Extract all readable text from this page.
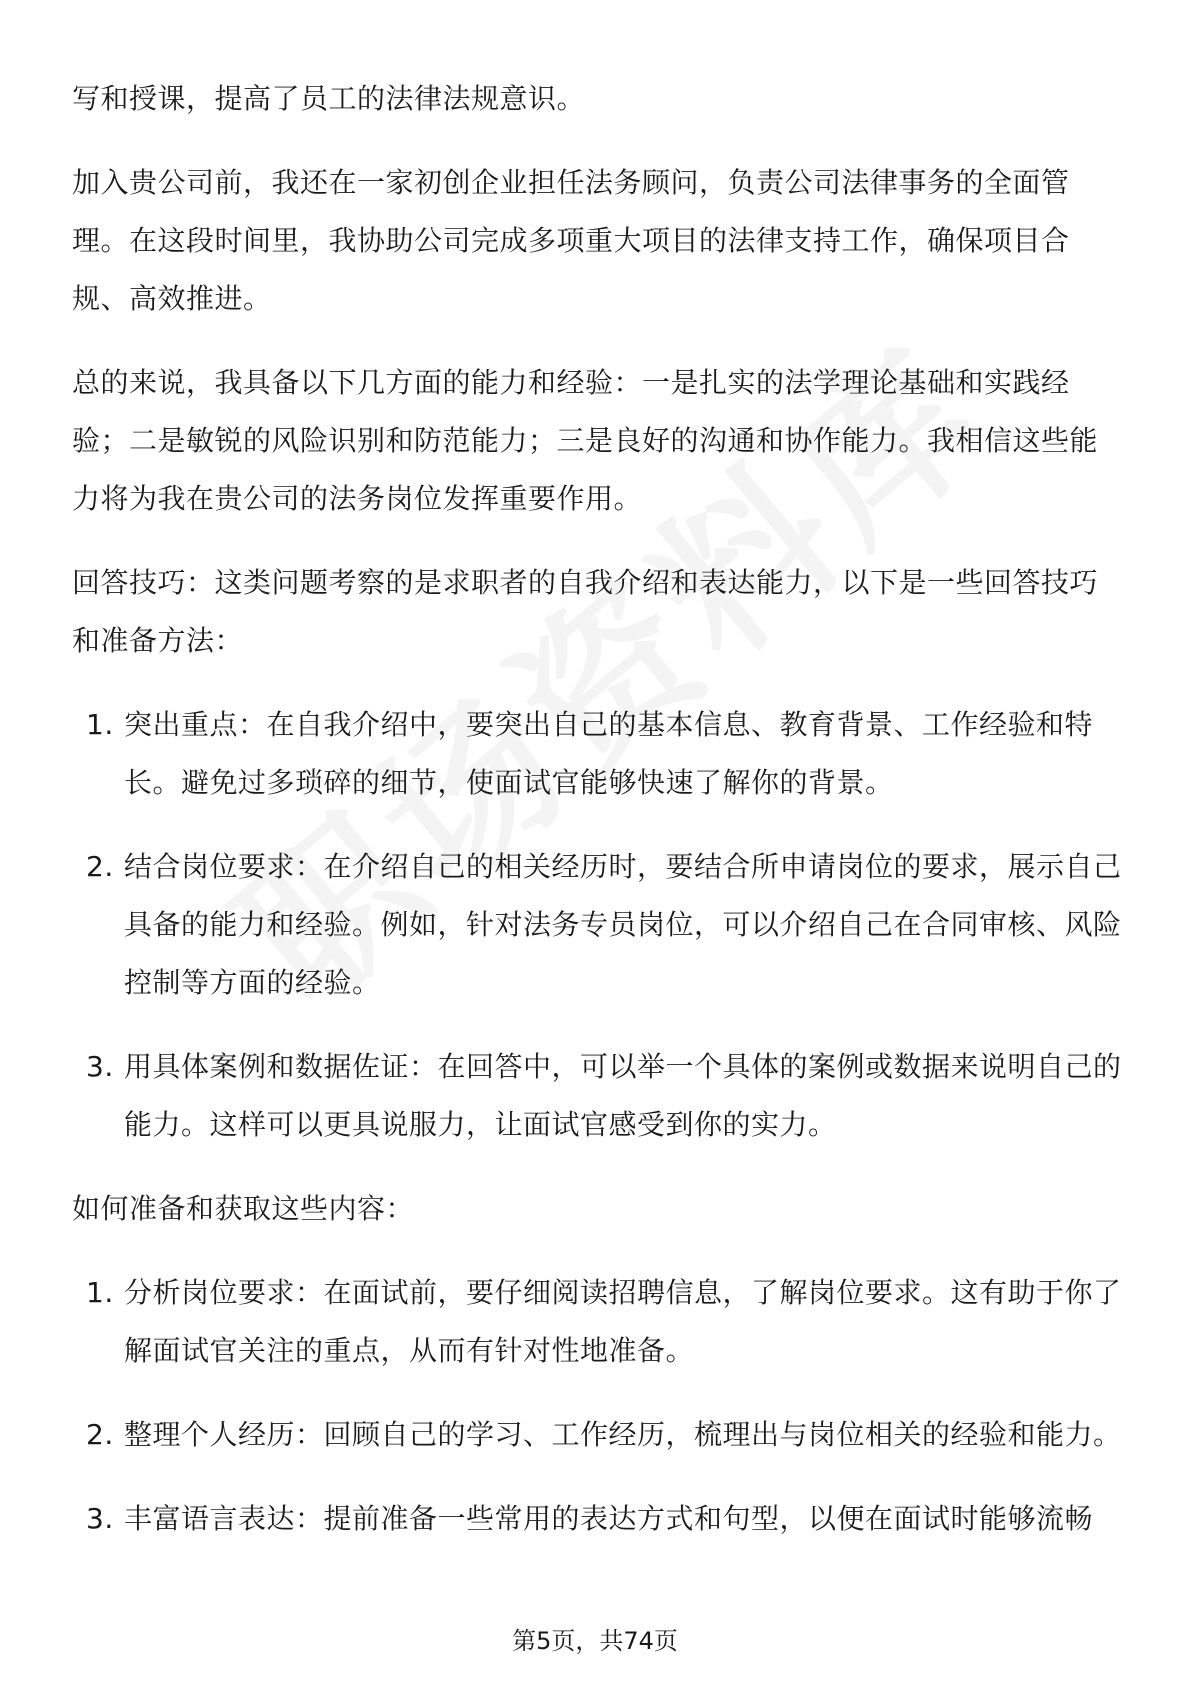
写和授课，提高了员工的法律法规意识。

加入贵公司前，我还在一家初创企业担任法务顾问，负责公司法律事务的全面管理。在这段时间里，我协助公司完成多项重大项目的法律支持工作，确保项目合规、高效推进。

总的来说，我具备以下几方面的能力和经验：一是扎实的法学理论基础和实践经验；二是敏锐的风险识别和防范能力；三是良好的沟通和协作能力。我相信这些能力将为我在贵公司的法务岗位发挥重要作用。

回答技巧：这类问题考察的是求职者的自我介绍和表达能力，以下是一些回答技巧和准备方法：

1. 突出重点：在自我介绍中，要突出自己的基本信息、教育背景、工作经验和特长。避免过多琐碎的细节，使面试官能够快速了解你的背景。
2. 结合岗位要求：在介绍自己的相关经历时，要结合所申请岗位的要求，展示自己具备的能力和经验。例如，针对法务专员岗位，可以介绍自己在合同审核、风险控制等方面的经验。
3. 用具体案例和数据佐证：在回答中，可以举一个具体的案例或数据来说明自己的能力。这样可以更具说服力，让面试官感受到你的实力。

如何准备和获取这些内容：

1. 分析岗位要求：在面试前，要仔细阅读招聘信息，了解岗位要求。这有助于你了解面试官关注的重点，从而有针对性地准备。
2. 整理个人经历：回顾自己的学习、工作经历，梳理出与岗位相关的经验和能力。
3. 丰富语言表达：提前准备一些常用的表达方式和句型，以便在面试时能够流畅
第5页，共74页
